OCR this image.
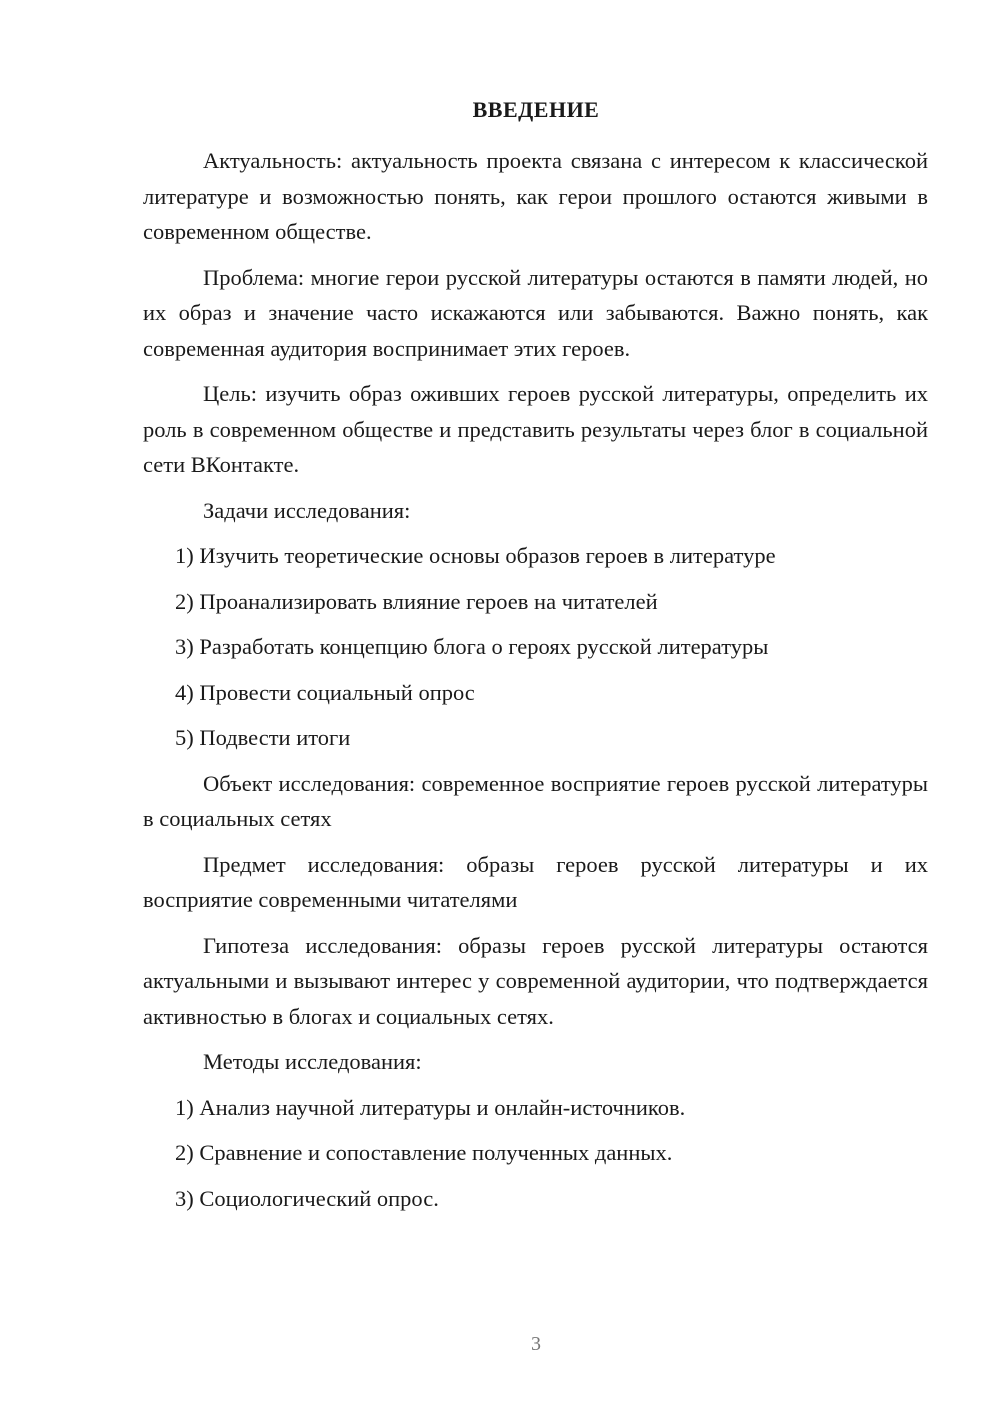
ВВЕДЕНИЕ

Актуальность: актуальность проекта связана с интересом к классической литературе и возможностью понять, как герои прошлого остаются живыми в современном обществе.

Проблема: многие герои русской литературы остаются в памяти людей, но их образ и значение часто искажаются или забываются. Важно понять, как современная аудитория воспринимает этих героев.

Цель: изучить образ оживших героев русской литературы, определить их роль в современном обществе и представить результаты через блог в социальной сети ВКонтакте.

Задачи исследования:

1) Изучить теоретические основы образов героев в литературе
2) Проанализировать влияние героев на читателей
3) Разработать концепцию блога о героях русской литературы
4) Провести социальный опрос
5) Подвести итоги

Объект исследования: современное восприятие героев русской литературы в социальных сетях

Предмет исследования: образы героев русской литературы и их восприятие современными читателями

Гипотеза исследования: образы героев русской литературы остаются актуальными и вызывают интерес у современной аудитории, что подтверждается активностью в блогах и социальных сетях.

Методы исследования:

1) Анализ научной литературы и онлайн-источников.
2) Сравнение и сопоставление полученных данных.
3) Социологический опрос.
3
